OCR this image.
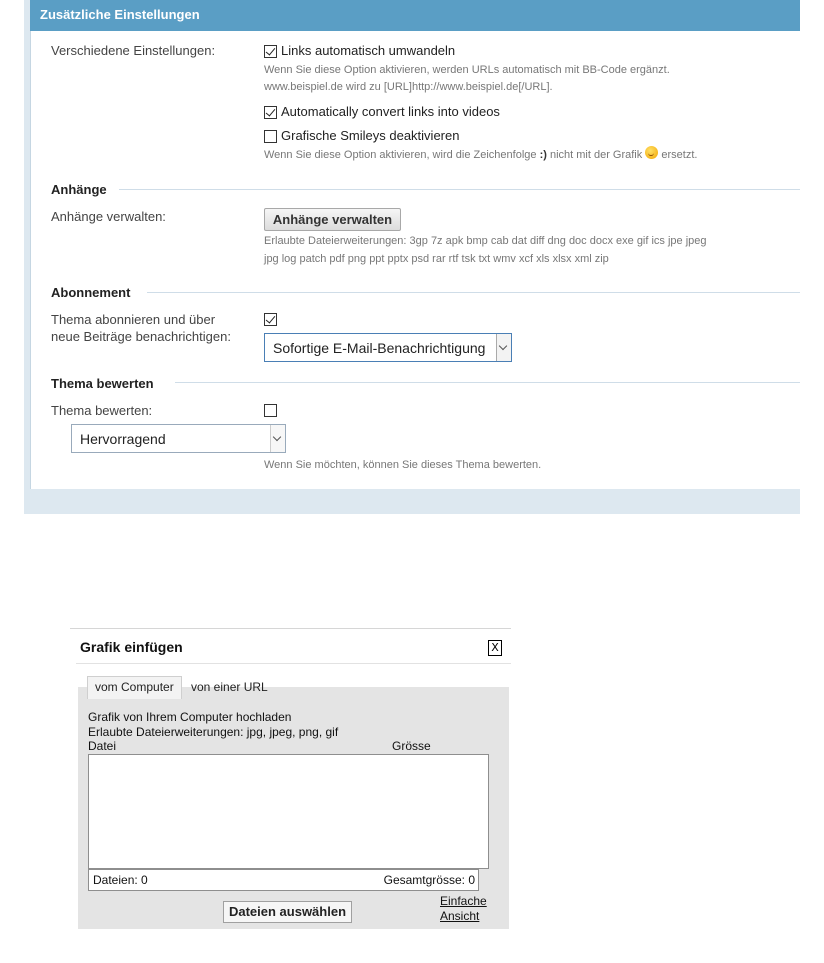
Zusätzliche Einstellungen
Verschiedene Einstellungen:	Links automatisch umwandeln
Wenn Sie diese Option aktivieren, werden URLs automatisch mit BB-Code ergänzt.
www.beispiel.de wird zu [URL]http://www.beispiel.de[/URL].
Automatically convert links into videos
Grafische Smileys deaktivieren
Wenn Sie diese Option aktivieren, wird die Zeichenfolge :) nicht mit der Grafik  ersetzt.
Anhänge
Anhänge verwalten:	Anhänge verwalten
Erlaubte Dateierweiterungen: 3gp 7z apk bmp cab dat diff dng doc docx exe gif ics jpe jpeg
jpg log patch pdf png ppt pptx psd rar rtf tsk txt wmv xcf xls xlsx xml zip
Abonnement
Thema abonnieren und über
neue Beiträge benachrichtigen:
Sofortige E-Mail-Benachrichtigung
Thema bewerten
Thema bewerten:
Hervorragend
Wenn Sie möchten, können Sie dieses Thema bewerten.
Grafik einfügen	X
vom Computer	von einer URL
Grafik von Ihrem Computer hochladen
Erlaubte Dateierweiterungen: jpg, jpeg, png, gif
Datei	Grösse
Dateien: 0	Gesamtgrösse: 0
Dateien auswählen
Einfache
Ansicht
